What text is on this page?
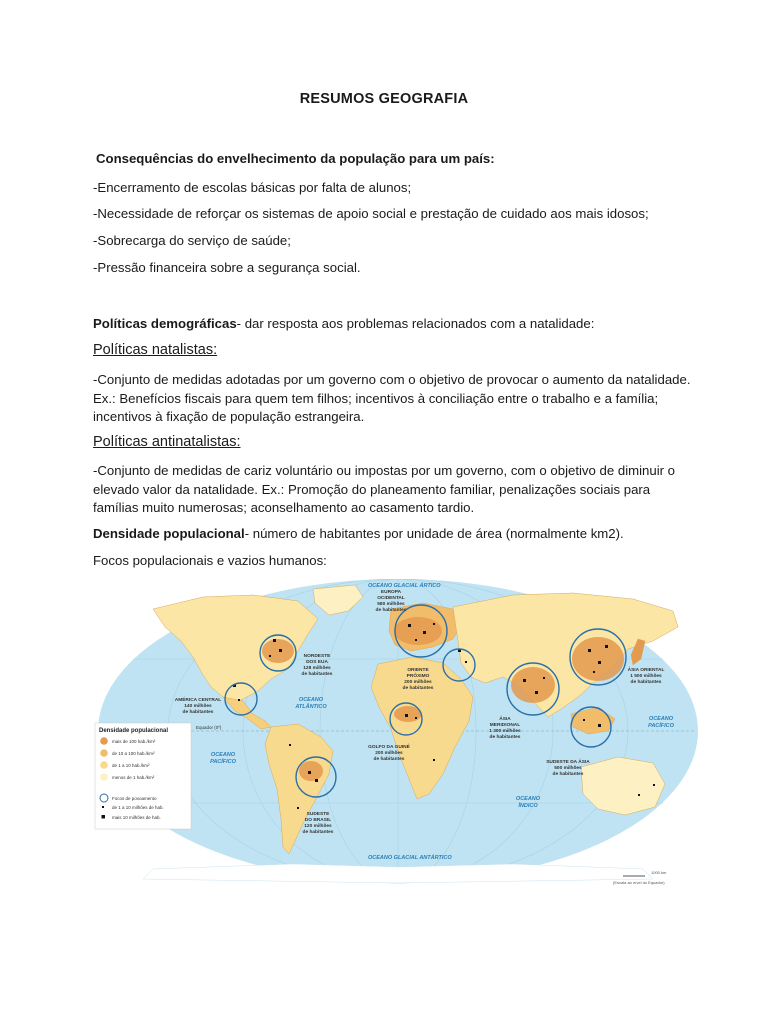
RESUMOS GEOGRAFIA
Consequências do envelhecimento da população para um país:
-Encerramento de escolas básicas por falta de alunos;
-Necessidade de reforçar os sistemas de apoio social e prestação de cuidado aos mais idosos;
-Sobrecarga do serviço de saúde;
-Pressão financeira sobre a segurança social.
Políticas demográficas- dar resposta aos problemas relacionados com a natalidade:
Políticas natalistas:
-Conjunto de medidas adotadas por um governo com o objetivo de provocar o aumento da natalidade. Ex.: Benefícios fiscais para quem tem filhos; incentivos à conciliação entre o trabalho e a família; incentivos à fixação de população estrangeira.
Políticas antinatalistas:
-Conjunto de medidas de cariz voluntário ou impostas por um governo, com o objetivo de diminuir o elevado valor da natalidade. Ex.: Promoção do planeamento familiar, penalizações sociais para famílias muito numerosas; aconselhamento ao casamento tardio.
Densidade populacional- número de habitantes por unidade de área (normalmente km2).
Focos populacionais e vazios humanos:
Densidade populacional
mais de 100 hab./km²
de 10 a 100 hab./km²
de 1 a 10 hab./km²
menos de 1 hab./km²
Focos de povoamento
de 1 a 10 milhões de hab.
mais 10 milhões de hab.
OCEANO GLACIAL ÁRTICO
OCEANO GLACIAL ANTÁRTICO
OCEANO
ATLÂNTICO
OCEANO
PACÍFICO
OCEANO
PACÍFICO
OCEANO
ÍNDICO
Equador (0º)
EUROPA
OCIDENTAL
580 milhões
de habitantes
NORDESTE
DOS EUA
128 milhões
de habitantes
AMÉRICA CENTRAL
140 milhões
de habitantes
ORIENTE
PRÓXIMO
200 milhões
de habitantes
ÁSIA ORIENTAL
1 500 milhões
de habitantes
ÁSIA
MERIDIONAL
1 300 milhões
de habitantes
GOLFO DA GUINÉ
200 milhões
de habitantes
SUDESTE DA ÁSIA
500 milhões
de habitantes
SUDESTE
DO BRASIL
120 milhões
de habitantes
1000 km
(Escala ao nível do Equador)
